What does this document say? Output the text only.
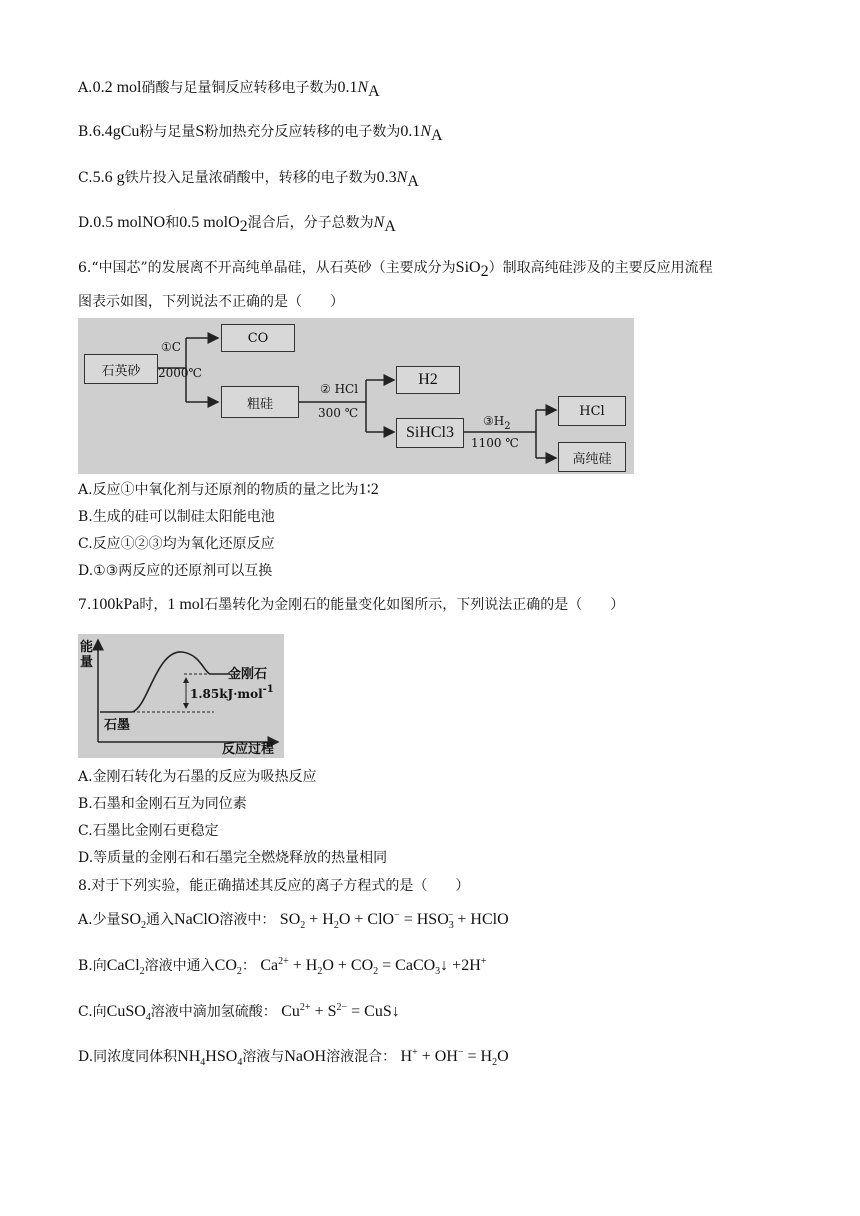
A.0.2 mol硝酸与足量铜反应转移电子数为$0.1N_A$
B.6.4gCu粉与足量S粉加热充分反应转移的电子数为$0.1N_A$
C.5.6 g铁片投入足量浓硝酸中，转移的电子数为$0.3N_A$
D.0.5 molNO和0.5 molO$_2$混合后，分子总数为$N_A$
6.“中国芯”的发展离不开高纯单晶硅，从石英砂（主要成分为SiO$_2$）制取高纯硅涉及的主要反应用流程
图表示如图，下列说法不正确的是（　　）
石英砂
CO
粗硅
H 2
SiHCl 3
HCl
高纯硅
①C
2000℃
② HCl
300 ℃
$③H_2$
1100 ℃
A.反应①中氧化剂与还原剂的物质的量之比为1∶2
B.生成的硅可以制硅太阳能电池
C.反应①②③均为氧化还原反应
D.①③两反应的还原剂可以互换
7.100kPa时，1 mol石墨转化为金刚石的能量变化如图所示，下列说法正确的是（　　）
能量
金刚石
1.85kJ·mol$^{-1}$
石墨
反应过程
A.金刚石转化为石墨的反应为吸热反应
B.石墨和金刚石互为同位素
C.石墨比金刚石更稳定
D.等质量的金刚石和石墨完全燃烧释放的热量相同
8.对于下列实验，能正确描述其反应的离子方程式的是（　　）
A.少量$SO_2$通入NaClO溶液中： $SO_2 + H_2O + ClO^- = HSO_3^-$ + HClO
B.向CaCl$_2$溶液中通入$CO_2$： $Ca^{2+} + H_2O + CO_2$ = CaCO$_3$↓ +2H+
C.向CuSO$_4$溶液中滴加氢硫酸： $Cu^{2+} + S^{2-}$ = CuS↓
D.同浓度同体积$NH_4HSO_4$溶液与NaOH溶液混合： $H^+ + OH^- = H_2O$
